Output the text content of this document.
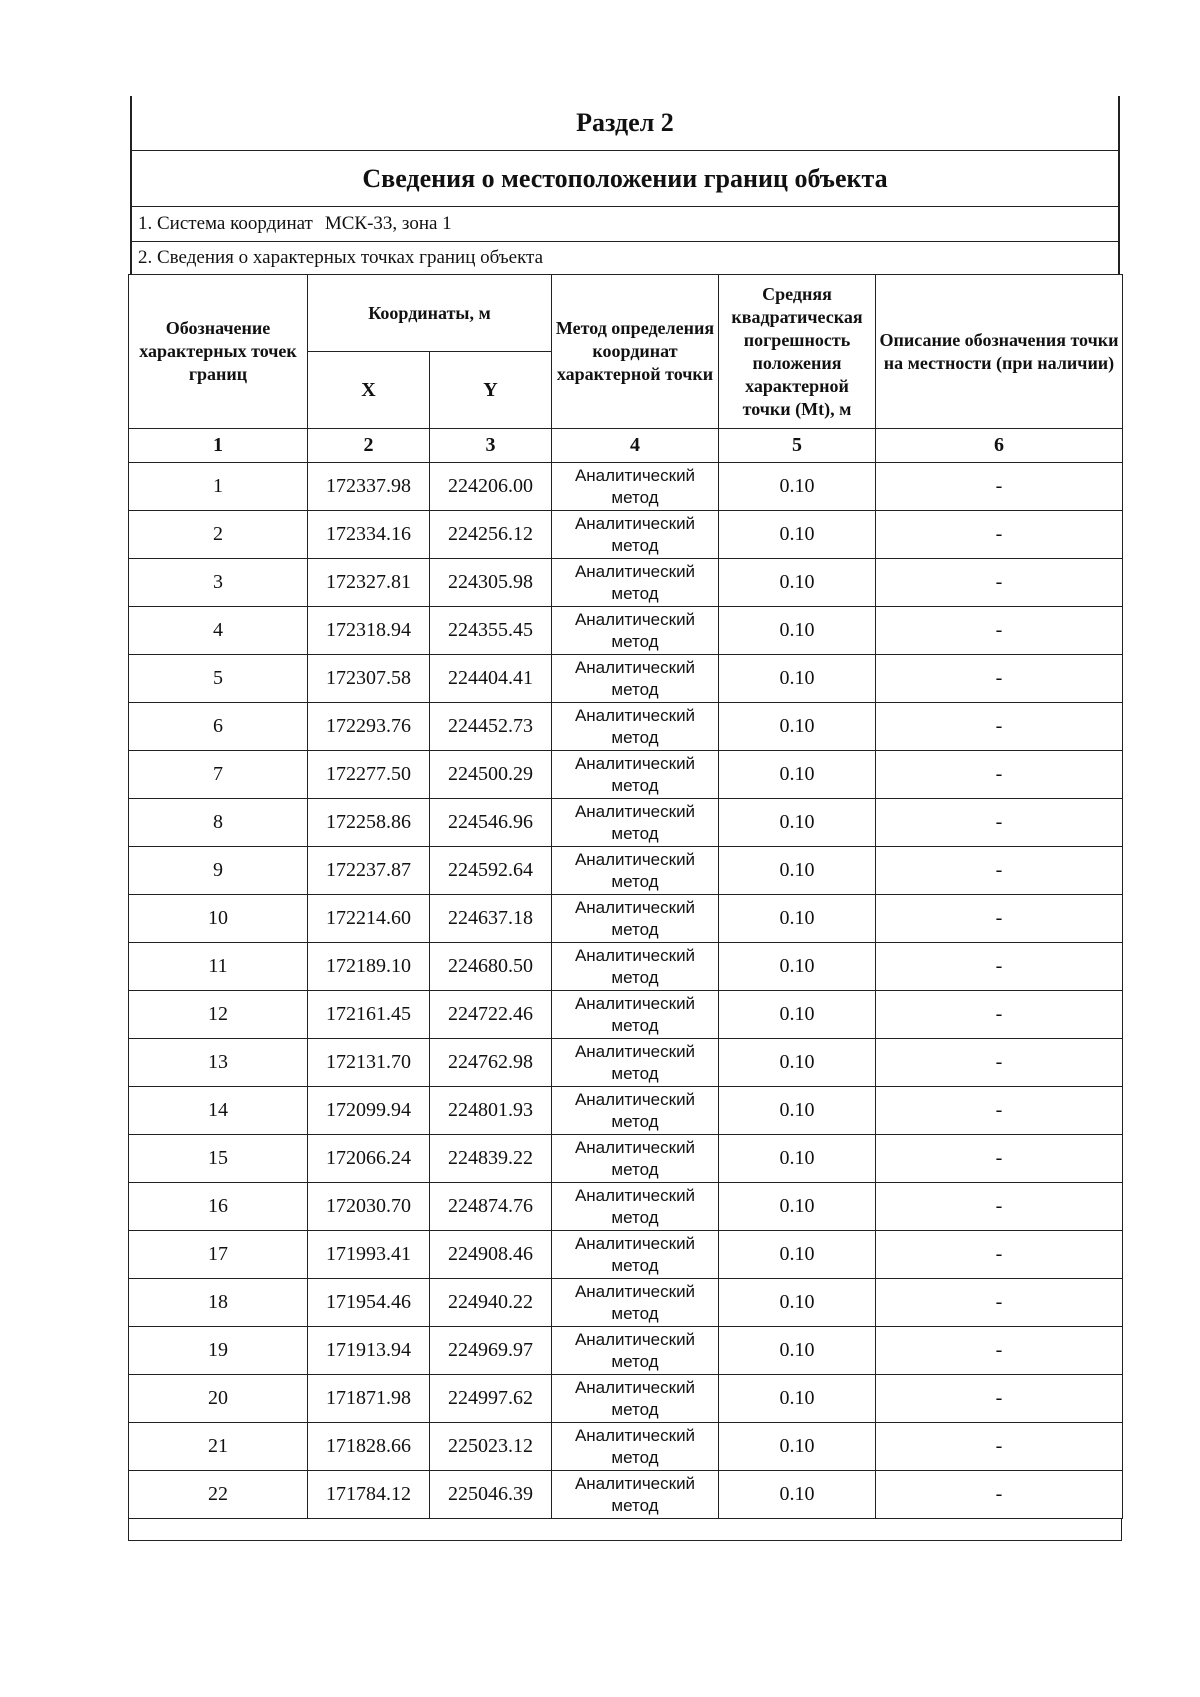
Раздел 2
Сведения о местоположении границ объекта
1. Система координат МСК-33, зона 1
2. Сведения о характерных точках границ объекта
Обозначение характерных точек границ	Координаты, м		Метод определения координат характерной точки	Средняя квадратическая погрешность положения характерной точки (Mt), м	Описание обозначения точки на местности (при наличии)
	X	Y			
1	2	3	4	5	6
1	172337.98	224206.00	Аналитический метод	0.10	-
2	172334.16	224256.12	Аналитический метод	0.10	-
3	172327.81	224305.98	Аналитический метод	0.10	-
4	172318.94	224355.45	Аналитический метод	0.10	-
5	172307.58	224404.41	Аналитический метод	0.10	-
6	172293.76	224452.73	Аналитический метод	0.10	-
7	172277.50	224500.29	Аналитический метод	0.10	-
8	172258.86	224546.96	Аналитический метод	0.10	-
9	172237.87	224592.64	Аналитический метод	0.10	-
10	172214.60	224637.18	Аналитический метод	0.10	-
11	172189.10	224680.50	Аналитический метод	0.10	-
12	172161.45	224722.46	Аналитический метод	0.10	-
13	172131.70	224762.98	Аналитический метод	0.10	-
14	172099.94	224801.93	Аналитический метод	0.10	-
15	172066.24	224839.22	Аналитический метод	0.10	-
16	172030.70	224874.76	Аналитический метод	0.10	-
17	171993.41	224908.46	Аналитический метод	0.10	-
18	171954.46	224940.22	Аналитический метод	0.10	-
19	171913.94	224969.97	Аналитический метод	0.10	-
20	171871.98	224997.62	Аналитический метод	0.10	-
21	171828.66	225023.12	Аналитический метод	0.10	-
22	171784.12	225046.39	Аналитический метод	0.10	-
